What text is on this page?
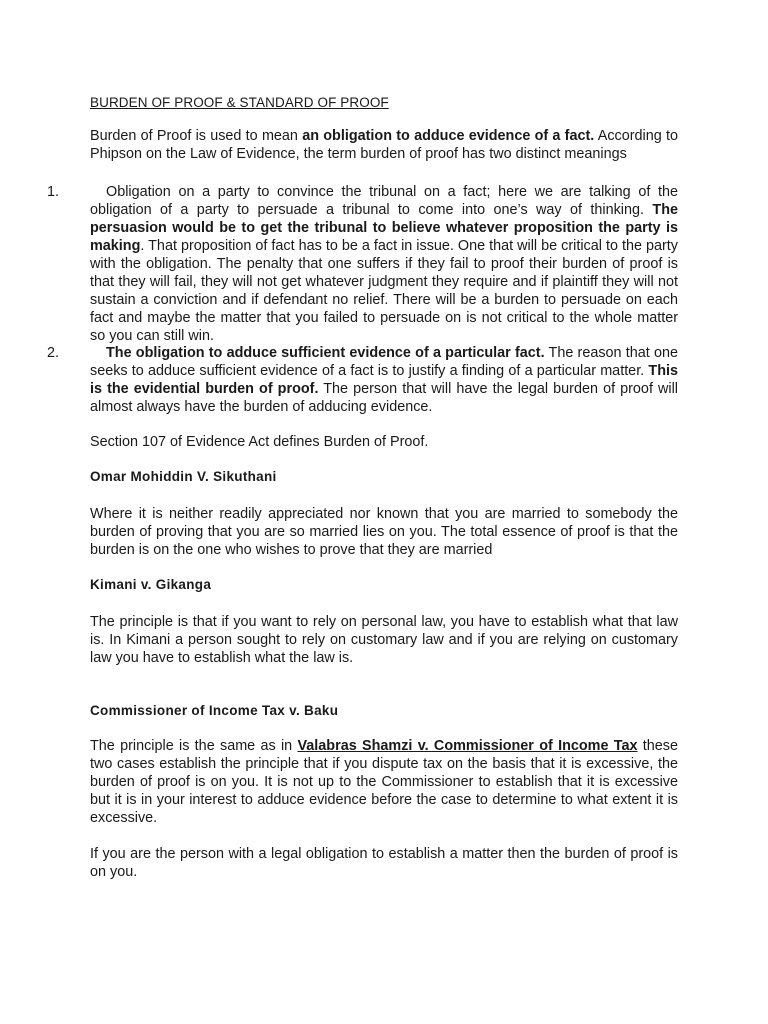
BURDEN OF PROOF & STANDARD OF PROOF

Burden of Proof is used to mean an obligation to adduce evidence of a fact. According to Phipson on the Law of Evidence, the term burden of proof has two distinct meanings

1.	Obligation on a party to convince the tribunal on a fact; here we are talking of the obligation of a party to persuade a tribunal to come into one’s way of thinking. The persuasion would be to get the tribunal to believe whatever proposition the party is making. That proposition of fact has to be a fact in issue. One that will be critical to the party with the obligation. The penalty that one suffers if they fail to proof their burden of proof is that they will fail, they will not get whatever judgment they require and if plaintiff they will not sustain a conviction and if defendant no relief. There will be a burden to persuade on each fact and maybe the matter that you failed to persuade on is not critical to the whole matter so you can still win.

2.	The obligation to adduce sufficient evidence of a particular fact. The reason that one seeks to adduce sufficient evidence of a fact is to justify a finding of a particular matter. This is the evidential burden of proof. The person that will have the legal burden of proof will almost always have the burden of adducing evidence.

Section 107 of Evidence Act defines Burden of Proof.

Omar Mohiddin V. Sikuthani

Where it is neither readily appreciated nor known that you are married to somebody the burden of proving that you are so married lies on you. The total essence of proof is that the burden is on the one who wishes to prove that they are married

Kimani v. Gikanga

The principle is that if you want to rely on personal law, you have to establish what that law is. In Kimani a person sought to rely on customary law and if you are relying on customary law you have to establish what the law is.

Commissioner of Income Tax v. Baku

The principle is the same as in Valabras Shamzi v. Commissioner of Income Tax these two cases establish the principle that if you dispute tax on the basis that it is excessive, the burden of proof is on you. It is not up to the Commissioner to establish that it is excessive but it is in your interest to adduce evidence before the case to determine to what extent it is excessive.

If you are the person with a legal obligation to establish a matter then the burden of proof is on you.
